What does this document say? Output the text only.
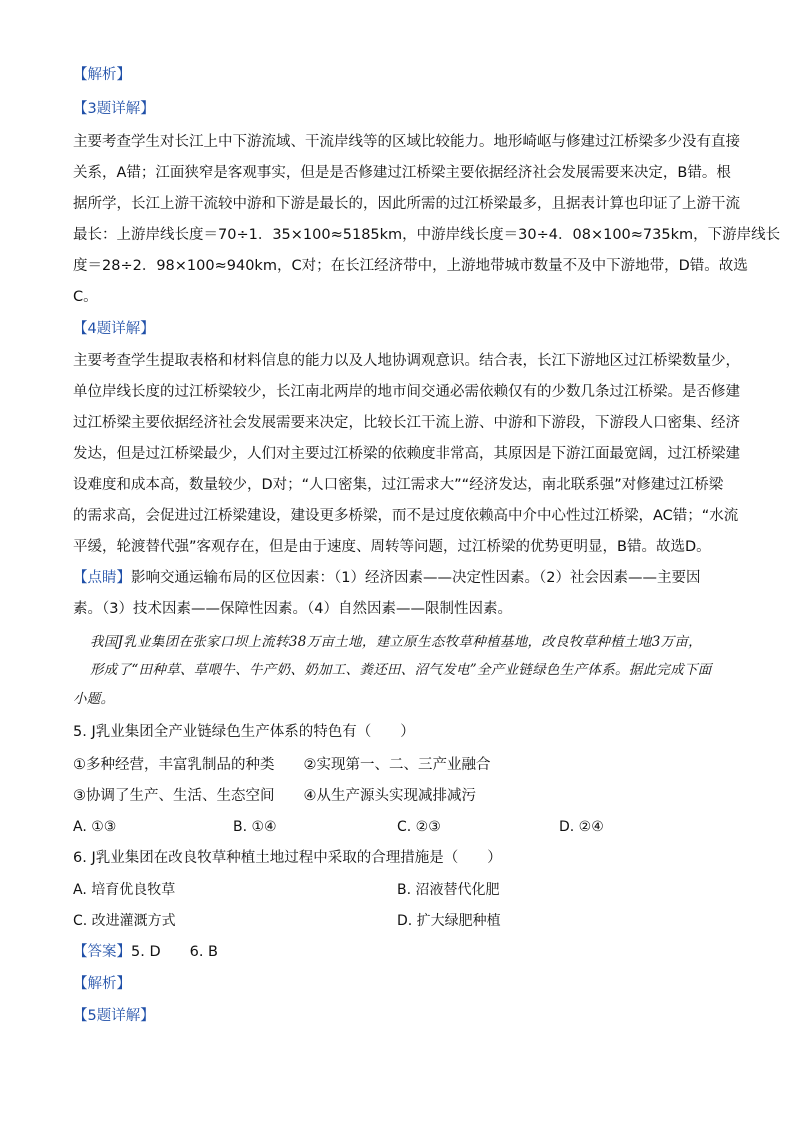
【解析】
【3题详解】
主要考查学生对长江上中下游流域、干流岸线等的区域比较能力。地形崎岖与修建过江桥梁多少没有直接
关系，A错；江面狭窄是客观事实，但是是否修建过江桥梁主要依据经济社会发展需要来决定，B错。根
据所学，长江上游干流较中游和下游是最长的，因此所需的过江桥梁最多，且据表计算也印证了上游干流
最长：上游岸线长度＝70÷1．35×100≈5185km，中游岸线长度＝30÷4．08×100≈735km，下游岸线长
度＝28÷2．98×100≈940km，C对；在长江经济带中，上游地带城市数量不及中下游地带，D错。故选
C。
【4题详解】
主要考查学生提取表格和材料信息的能力以及人地协调观意识。结合表，长江下游地区过江桥梁数量少，
单位岸线长度的过江桥梁较少，长江南北两岸的地市间交通必需依赖仅有的少数几条过江桥梁。是否修建
过江桥梁主要依据经济社会发展需要来决定，比较长江干流上游、中游和下游段，下游段人口密集、经济
发达，但是过江桥梁最少，人们对主要过江桥梁的依赖度非常高，其原因是下游江面最宽阔，过江桥梁建
设难度和成本高，数量较少，D对；“人口密集，过江需求大”“经济发达，南北联系强”对修建过江桥梁
的需求高，会促进过江桥梁建设，建设更多桥梁，而不是过度依赖高中介中心性过江桥梁，AC错；“水流
平缓，轮渡替代强”客观存在，但是由于速度、周转等问题，过江桥梁的优势更明显，B错。故选D。
【点睛】影响交通运输布局的区位因素：（1）经济因素——决定性因素。（2）社会因素——主要因
素。（3）技术因素——保障性因素。（4）自然因素——限制性因素。
我国J乳业集团在张家口坝上流转38万亩土地，建立原生态牧草种植基地，改良牧草种植土地3万亩，
形成了“田种草、草喂牛、牛产奶、奶加工、粪还田、沼气发电”全产业链绿色生产体系。据此完成下面
小题。
5. J乳业集团全产业链绿色生产体系的特色有（　　）
①多种经营，丰富乳制品的种类　　②实现第一、二、三产业融合
③协调了生产、生活、生态空间　　④从生产源头实现减排减污
A. ①③	B. ①④	C. ②③	D. ②④
6. J乳业集团在改良牧草种植土地过程中采取的合理措施是（　　）
A. 培育优良牧草	B. 沼液替代化肥
C. 改进灌溉方式	D. 扩大绿肥种植
【答案】5. D　　6. B
【解析】
【5题详解】
